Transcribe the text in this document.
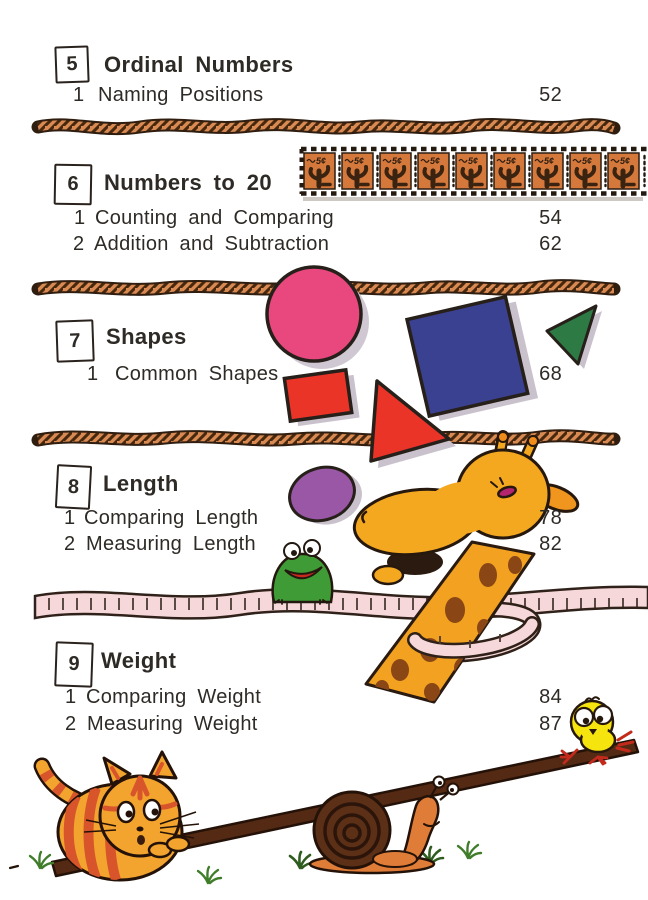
5¢
5	Ordinal Numbers
1 Naming Positions	52
6	Numbers to 20
1 Counting and Comparing	54
2 Addition and Subtraction	62
7	Shapes
1 Common Shapes	68
8	Length
1 Comparing Length	78
2 Measuring Length	82
9 Weight
1 Comparing Weight	84
2 Measuring Weight	87
